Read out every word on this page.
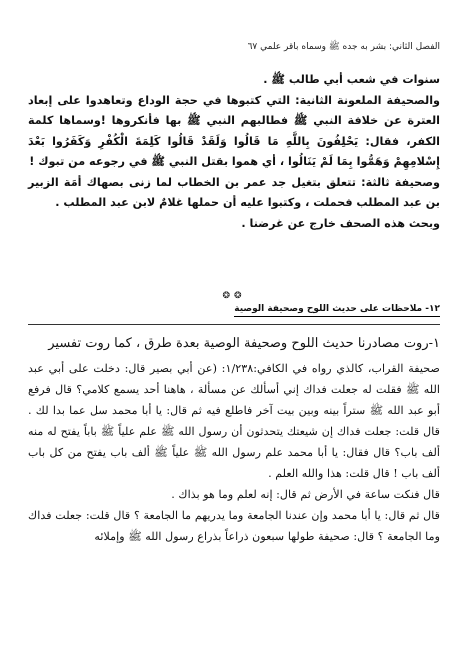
الفصل الثاني: بشر به جده ﷺ وسماه باقر علمي ٦٧

سنوات في شعب أبي طالب ﷺ .

والصحيفة الملعونة الثانية: التي كتبوها في حجة الوداع وتعاهدوا على إبعاد العترة عن خلافة النبي ﷺ فطالبهم النبي ﷺ بها فأنكروها !وسماها كلمة الكفر، فقال: يَحْلِفُونَ بِاللَّهِ مَا قَالُوا وَلَقَدْ قَالُوا كَلِمَةَ الْكُفْرِ وَكَفَرُوا بَعْدَ إِسْلامِهِمْ وَهَمُّوا بِمَا لَمْ يَنَالُوا ، أي هموا بقتل النبي ﷺ في رجوعه من تبوك !

وصحيفة ثالثة: تتعلق بتغيل جد عمر بن الخطاب لما زنى بصهاك أمَة الزبير بن عبد المطلب فحملت ، وكتبوا عليه أن حملها غلامٌ لابن عبد المطلب .

وبحث هذه الصحف خارج عن غرضنا .

❂❂
١٢- ملاحظات على حديث اللوح وصحيفة الوصية

١-روت مصادرنا حديث اللوح وصحيفة الوصية بعدة طرق ، كما روت تفسير

صحيفة القراب، كالذي رواه في الكافي:١/٢٣٨: (عن أبي بصير قال: دخلت على أبي عبد الله ﷺ فقلت له جعلت فداك إني أسألك عن مسألة ، هاهنا أحد يسمع كلامي؟ قال فرفع أبو عبد الله ﷺ ستراً بينه وبين بيت آخر فاطلع فيه ثم قال: يا أبا محمد سل عما بدا لك . قال قلت: جعلت فداك إن شيعتك يتحدثون أن رسول الله ﷺ علم علياً ﷺ باباً يفتح له منه ألف باب؟ قال فقال: يا أبا محمد علم رسول الله ﷺ علياً ﷺ ألف باب يفتح من كل باب ألف باب ! قال قلت: هذا والله العلم .

قال فنكت ساعة في الأرض ثم قال: إنه لعلم وما هو بذاك .

قال ثم قال: يا أبا محمد وإن عندنا الجامعة وما يدريهم ما الجامعة ؟ قال قلت: جعلت فداك وما الجامعة ؟ قال: صحيفة طولها سبعون ذراعاً بذراع رسول الله ﷺ وإملائه
